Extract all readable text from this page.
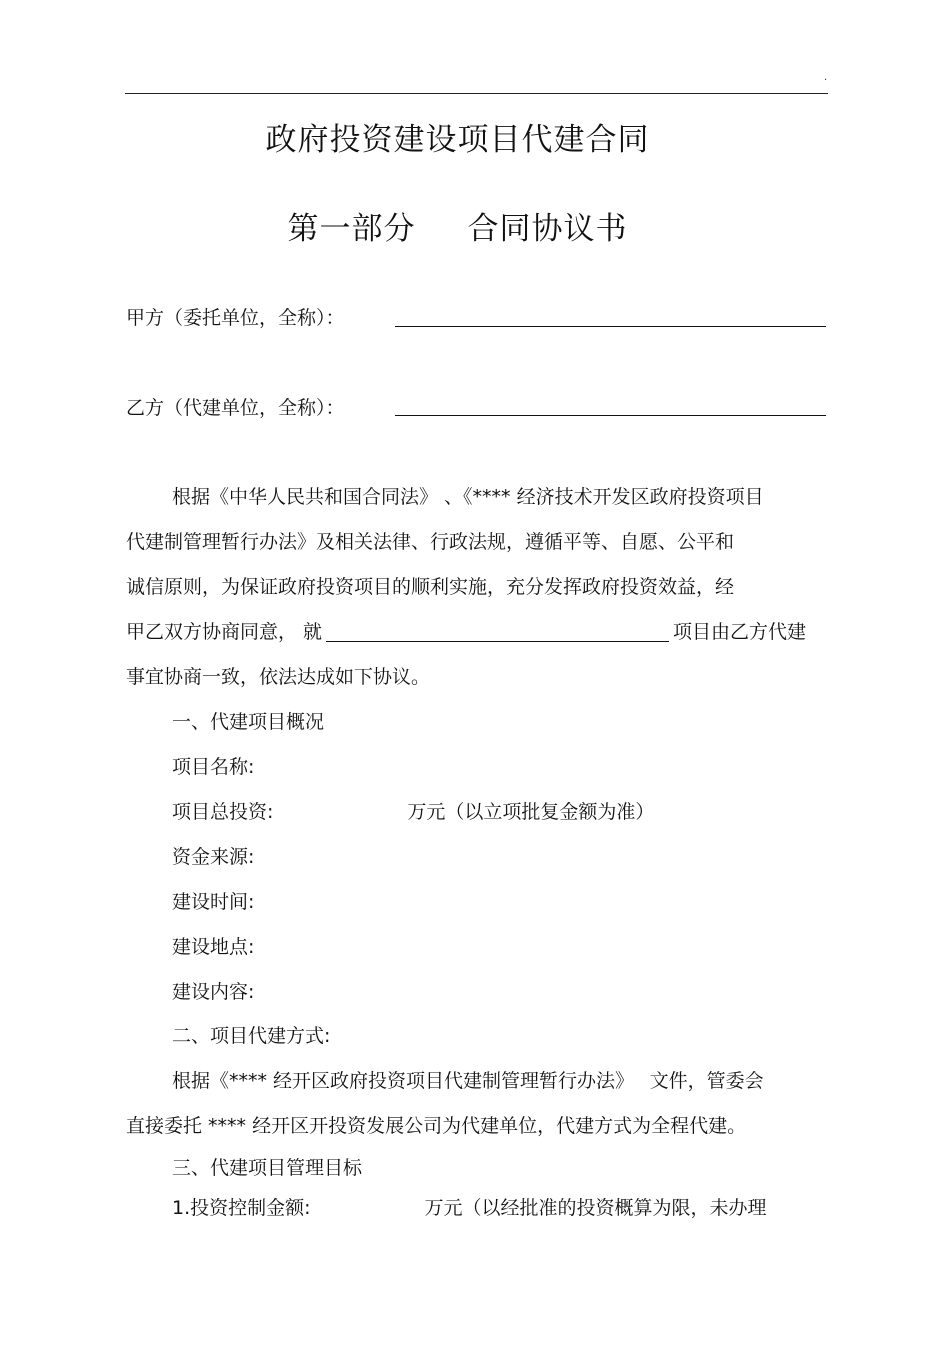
.
政府投资建设项目代建合同
第一部分 合同协议书
甲方（委托单位，全称）：
乙方（代建单位，全称）：
根据《中华人民共和国合同法》 、《**** 经济技术开发区政府投资项目
代建制管理暂行办法》及相关法律、行政法规，遵循平等、自愿、公平和
诚信原则，为保证政府投资项目的顺利实施，充分发挥政府投资效益，经
甲乙双方协商同意， 就	项目由乙方代建
事宜协商一致，依法达成如下协议。
一、代建项目概况
项目名称:
项目总投资:	万元（以立项批复金额为准）
资金来源:
建设时间:
建设地点:
建设内容:
二、项目代建方式:
根据《**** 经开区政府投资项目代建制管理暂行办法》　 文件，管委会
直接委托 **** 经开区开投资发展公司为代建单位，代建方式为全程代建。
三、代建项目管理目标
1.投资控制金额:	万元（以经批准的投资概算为限，未办理
